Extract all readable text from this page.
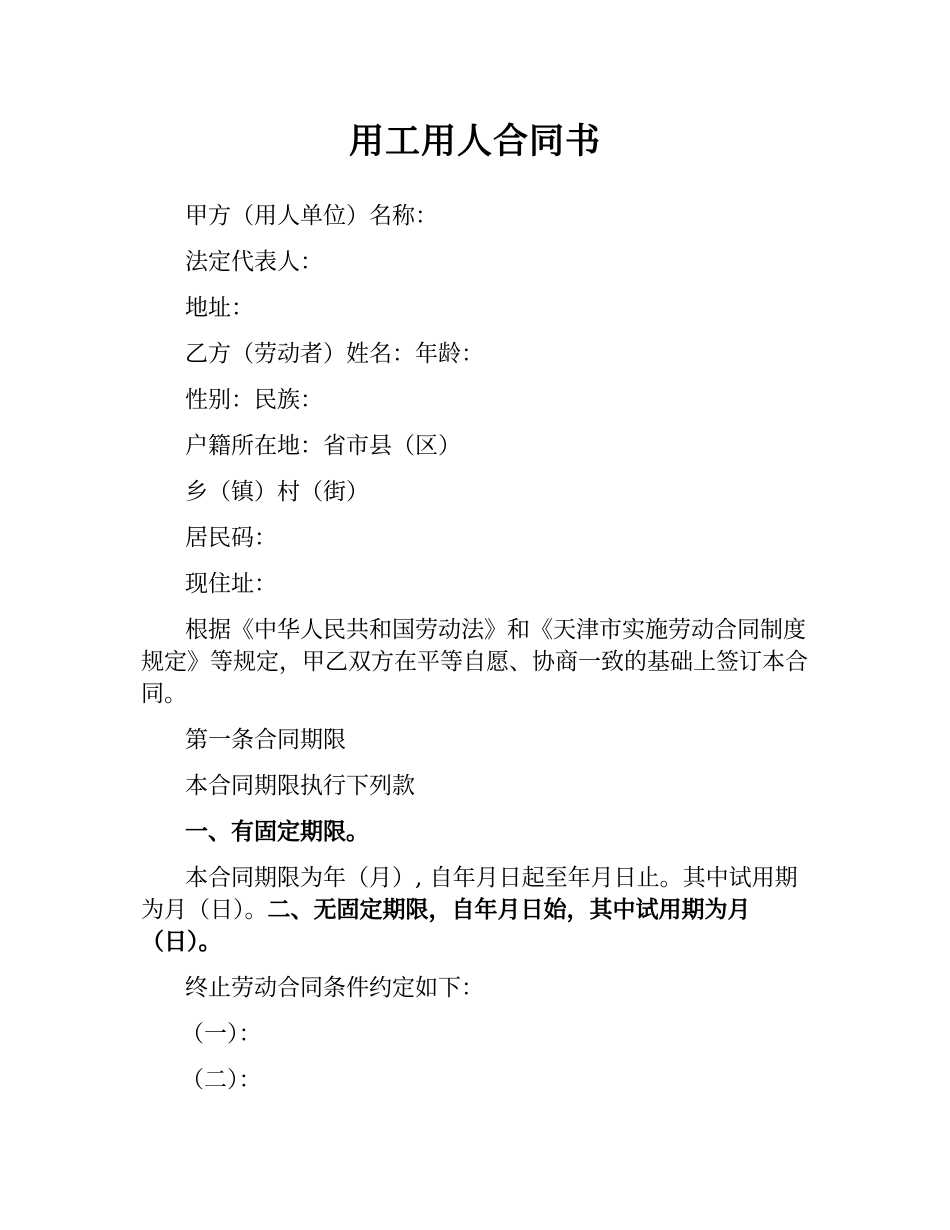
用工用人合同书
甲方（用人单位）名称：
法定代表人：
地址：
乙方（劳动者）姓名：年龄：
性别：民族：
户籍所在地：省市县（区）
乡（镇）村（街）
居民码：
现住址：
根据《中华人民共和国劳动法》和《天津市实施劳动合同制度规定》等规定，甲乙双方在平等自愿、协商一致的基础上签订本合同。
第一条合同期限
本合同期限执行下列款
一、有固定期限。
本合同期限为年（月）, 自年月日起至年月日止。其中试用期为月（日）。二、无固定期限，自年月日始，其中试用期为月（日）。
终止劳动合同条件约定如下：
（一）：
（二）：
